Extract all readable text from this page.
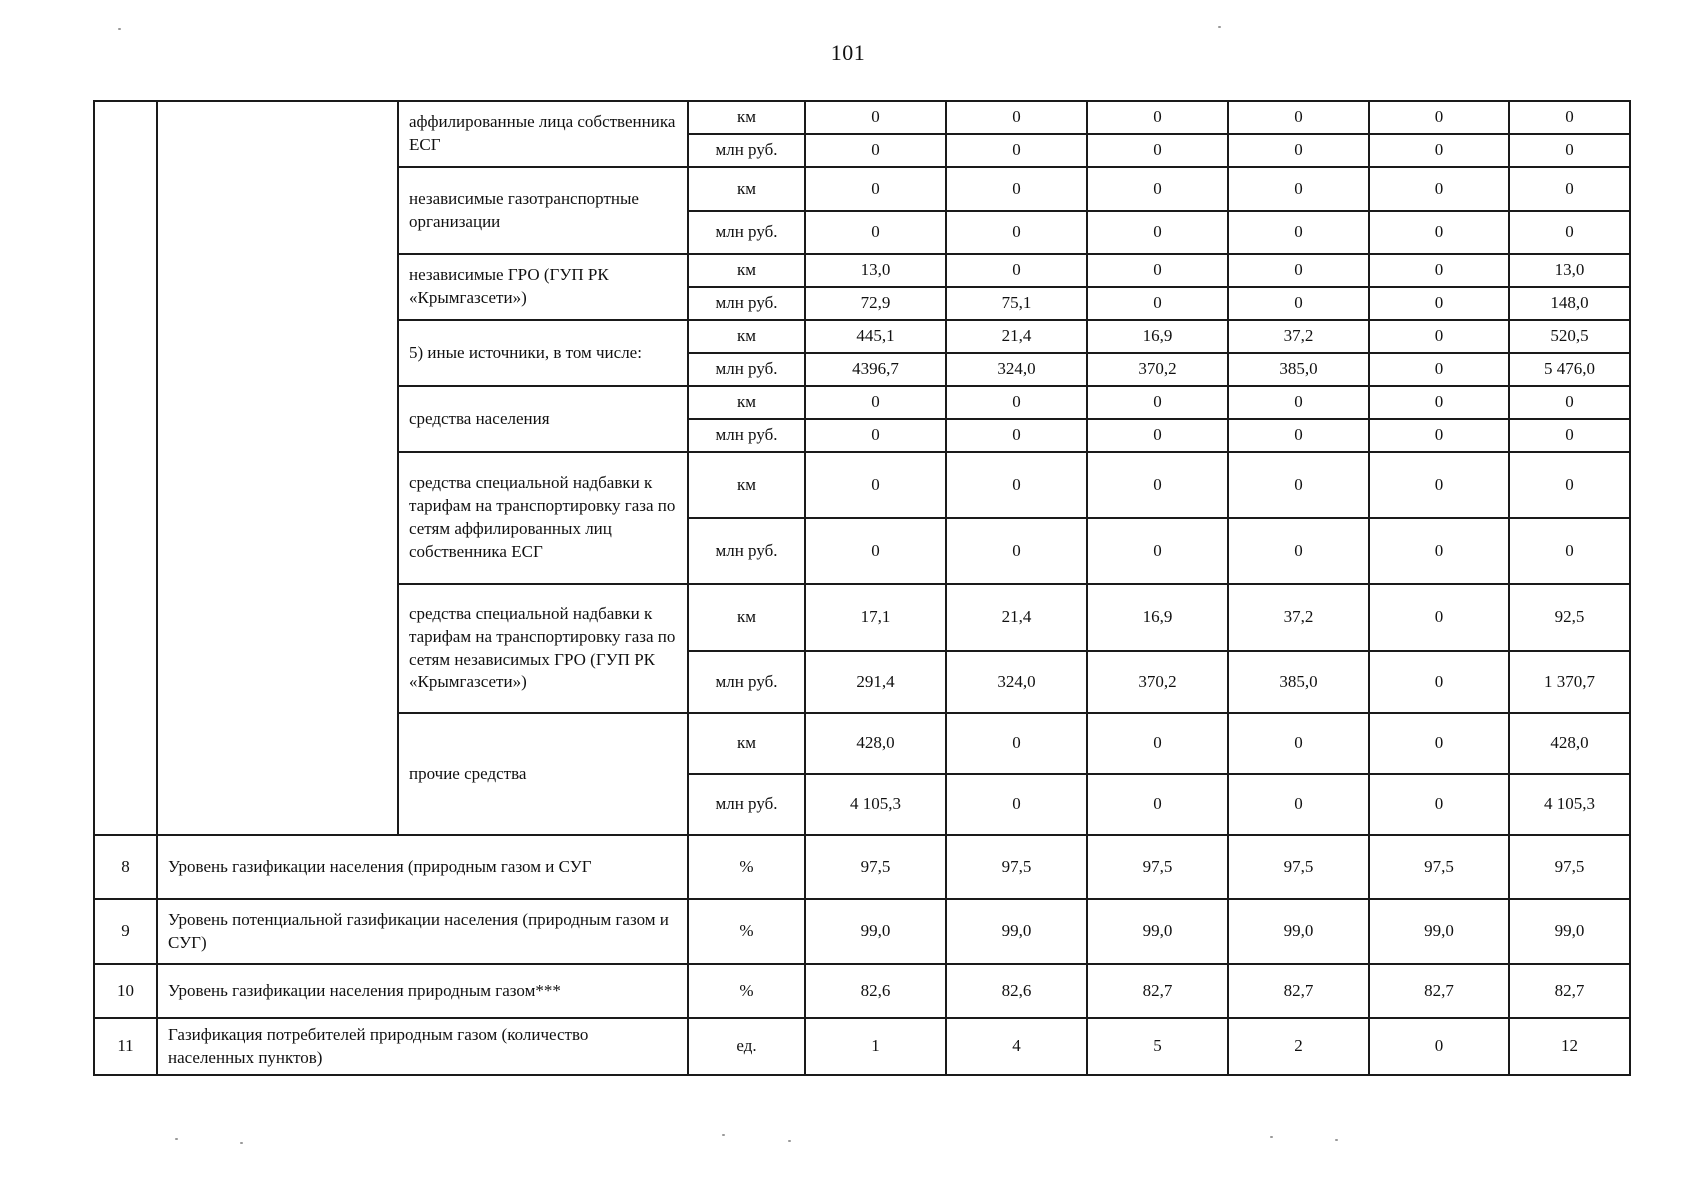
101
		аффилированные лица собственника ЕСГ	км	0	0	0	0	0	0
			млн руб.	0	0	0	0	0	0
		независимые газотранспортные организации	км	0	0	0	0	0	0
			млн руб.	0	0	0	0	0	0
		независимые ГРО (ГУП РК «Крымгазсети»)	км	13,0	0	0	0	0	13,0
			млн руб.	72,9	75,1	0	0	0	148,0
		5) иные источники, в том числе:	км	445,1	21,4	16,9	37,2	0	520,5
			млн руб.	4396,7	324,0	370,2	385,0	0	5 476,0
		средства населения	км	0	0	0	0	0	0
			млн руб.	0	0	0	0	0	0
		средства специальной надбавки к тарифам на транспортировку газа по сетям аффилированных лиц собственника ЕСГ	км	0	0	0	0	0	0
			млн руб.	0	0	0	0	0	0
		средства специальной надбавки к тарифам на транспортировку газа по сетям независимых ГРО (ГУП РК «Крымгазсети»)	км	17,1	21,4	16,9	37,2	0	92,5
			млн руб.	291,4	324,0	370,2	385,0	0	1 370,7
		прочие средства	км	428,0	0	0	0	0	428,0
			млн руб.	4 105,3	0	0	0	0	4 105,3
8	Уровень газификации населения (природным газом и СУГ		%	97,5	97,5	97,5	97,5	97,5	97,5
9	Уровень потенциальной газификации населения (природным газом и СУГ)		%	99,0	99,0	99,0	99,0	99,0	99,0
10	Уровень газификации населения природным газом***		%	82,6	82,6	82,7	82,7	82,7	82,7
11	Газификация потребителей природным газом (количество населенных пунктов)		ед.	1	4	5	2	0	12
